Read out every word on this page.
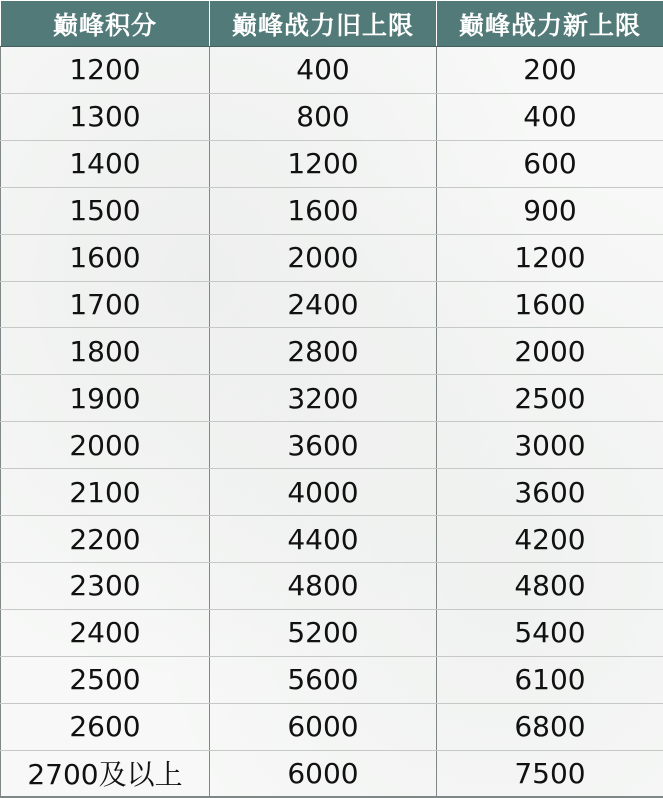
巅峰积分	巅峰战力旧上限	巅峰战力新上限
1200	400	200
1300	800	400
1400	1200	600
1500	1600	900
1600	2000	1200
1700	2400	1600
1800	2800	2000
1900	3200	2500
2000	3600	3000
2100	4000	3600
2200	4400	4200
2300	4800	4800
2400	5200	5400
2500	5600	6100
2600	6000	6800
2700及以上	6000	7500
